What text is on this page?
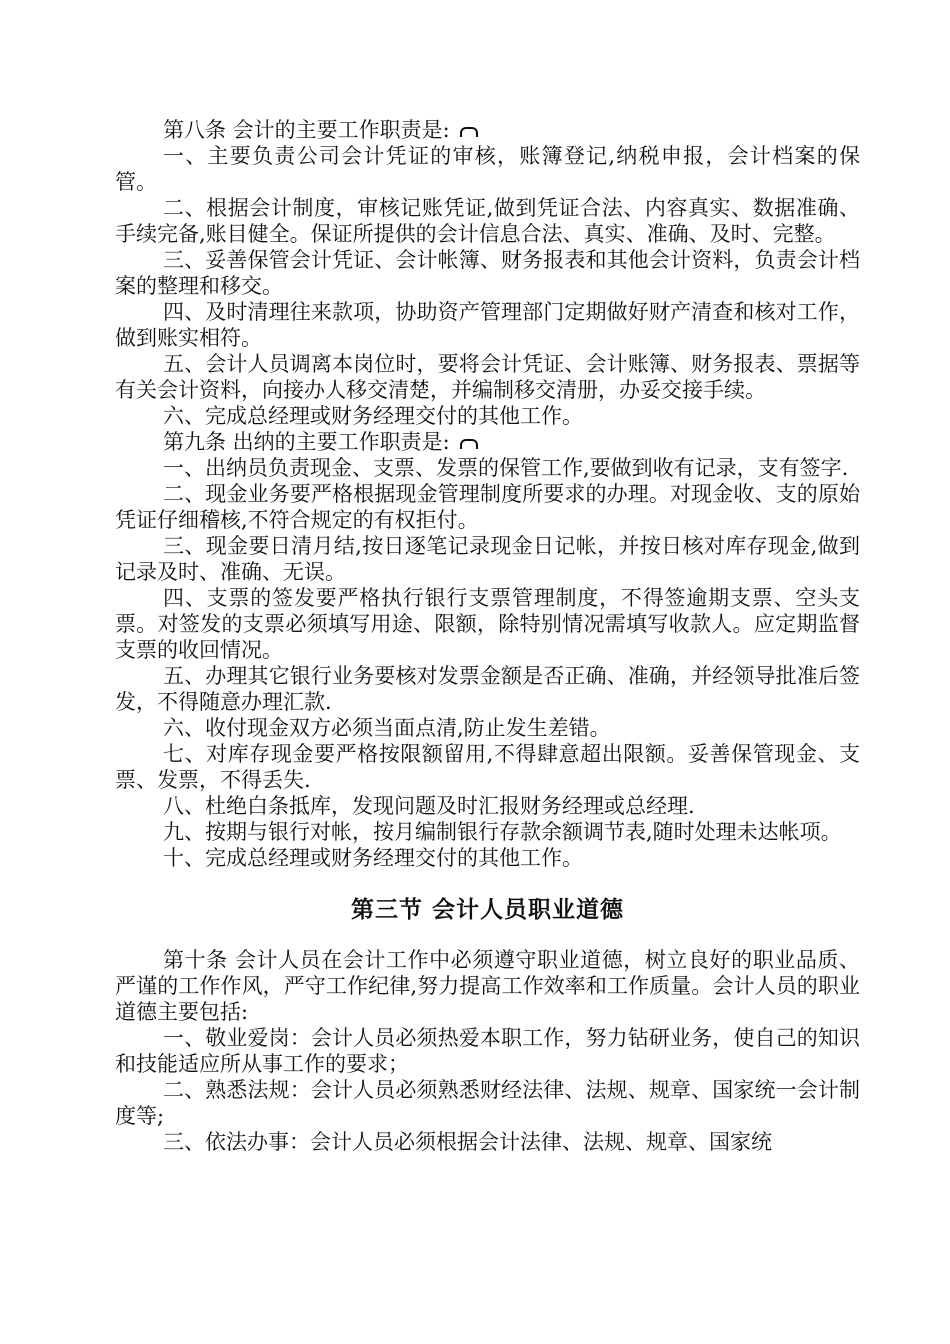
第八条 会计的主要工作职责是:

一、主要负责公司会计凭证的审核，账簿登记,纳税申报，会计档案的保管。

二、根据会计制度，审核记账凭证,做到凭证合法、内容真实、数据准确、手续完备,账目健全。保证所提供的会计信息合法、真实、准确、及时、完整。

三、妥善保管会计凭证、会计帐簿、财务报表和其他会计资料，负责会计档案的整理和移交。

四、及时清理往来款项，协助资产管理部门定期做好财产清查和核对工作，做到账实相符。

五、会计人员调离本岗位时，要将会计凭证、会计账簿、财务报表、票据等有关会计资料，向接办人移交清楚，并编制移交清册，办妥交接手续。

六、完成总经理或财务经理交付的其他工作。

第九条 出纳的主要工作职责是:

一、出纳员负责现金、支票、发票的保管工作,要做到收有记录，支有签字.

二、现金业务要严格根据现金管理制度所要求的办理。对现金收、支的原始凭证仔细稽核,不符合规定的有权拒付。

三、现金要日清月结,按日逐笔记录现金日记帐，并按日核对库存现金,做到记录及时、准确、无误。

四、支票的签发要严格执行银行支票管理制度，不得签逾期支票、空头支票。对签发的支票必须填写用途、限额，除特别情况需填写收款人。应定期监督支票的收回情况。

五、办理其它银行业务要核对发票金额是否正确、准确，并经领导批准后签发，不得随意办理汇款.

六、收付现金双方必须当面点清,防止发生差错。

七、对库存现金要严格按限额留用,不得肆意超出限额。妥善保管现金、支票、发票，不得丢失.

八、杜绝白条抵库，发现问题及时汇报财务经理或总经理.

九、按期与银行对帐，按月编制银行存款余额调节表,随时处理未达帐项。

十、完成总经理或财务经理交付的其他工作。

第三节 会计人员职业道德

第十条 会计人员在会计工作中必须遵守职业道德，树立良好的职业品质、严谨的工作作风，严守工作纪律,努力提高工作效率和工作质量。会计人员的职业道德主要包括:

一、敬业爱岗：会计人员必须热爱本职工作，努力钻研业务，使自己的知识和技能适应所从事工作的要求；

二、熟悉法规：会计人员必须熟悉财经法律、法规、规章、国家统一会计制度等;

三、依法办事：会计人员必须根据会计法律、法规、规章、国家统
